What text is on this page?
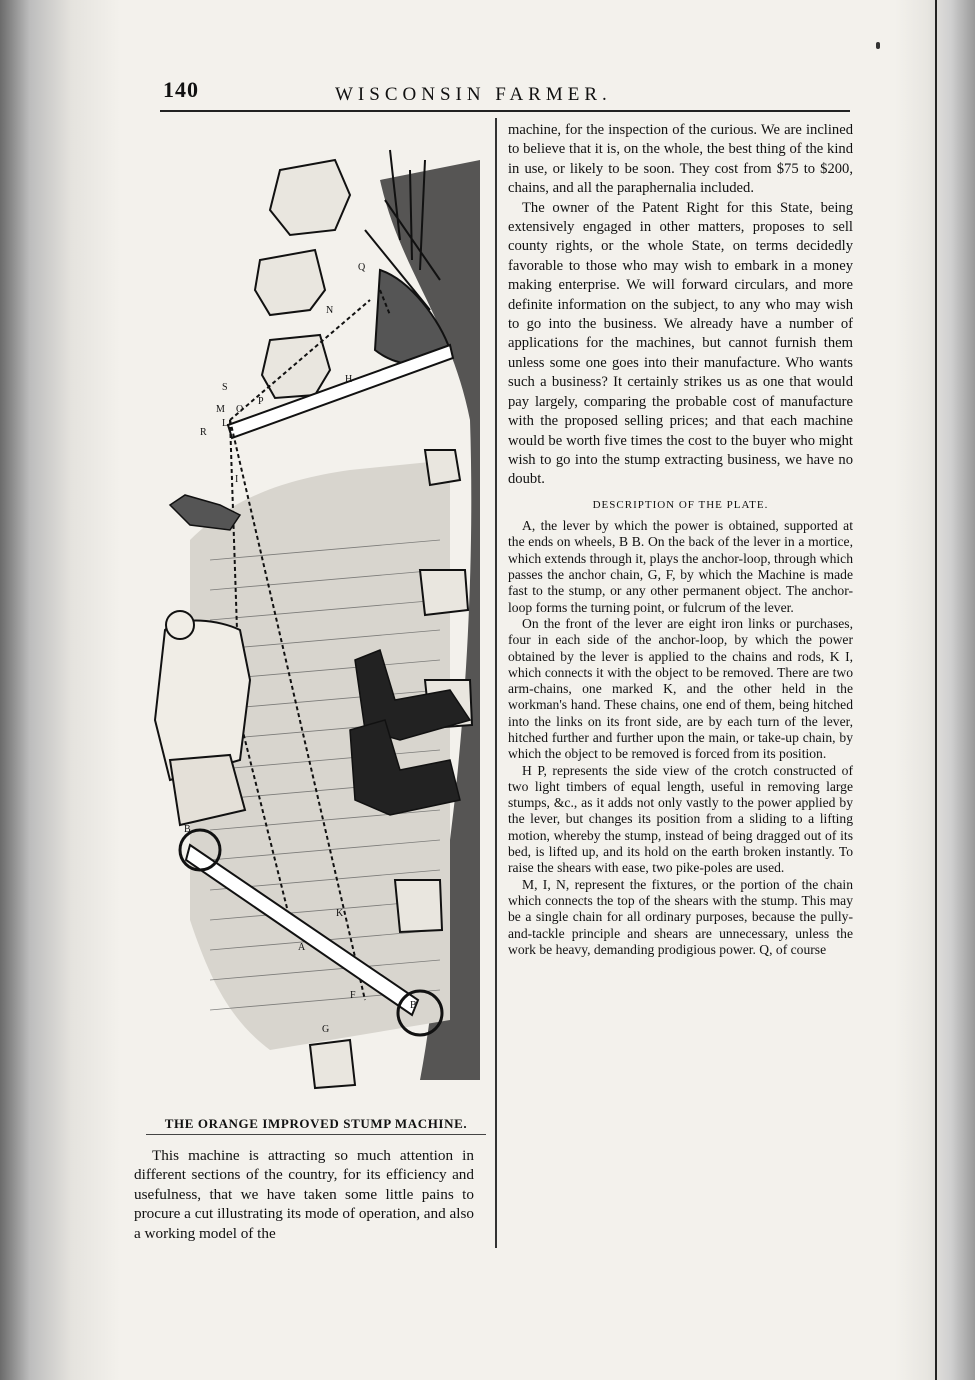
140	WISCONSIN FARMER.
Q
N
H
S
M O
P
L
R
I
B
K
A
B
F
G
THE ORANGE IMPROVED STUMP MACHINE.

This machine is attracting so much attention in different sections of the country, for its efficiency and usefulness, that we have taken some little pains to procure a cut illustrating its mode of operation, and also a working model of the

machine, for the inspection of the curious. We are inclined to believe that it is, on the whole, the best thing of the kind in use, or likely to be soon. They cost from $75 to $200, chains, and all the paraphernalia included.

The owner of the Patent Right for this State, being extensively engaged in other matters, proposes to sell county rights, or the whole State, on terms decidedly favorable to those who may wish to embark in a money making enterprise. We will forward circulars, and more definite information on the subject, to any who may wish to go into the business. We already have a number of applications for the machines, but cannot furnish them unless some one goes into their manufacture. Who wants such a business? It certainly strikes us as one that would pay largely, comparing the probable cost of manufacture with the proposed selling prices; and that each machine would be worth five times the cost to the buyer who might wish to go into the stump extracting business, we have no doubt.

DESCRIPTION OF THE PLATE.

A, the lever by which the power is obtained, supported at the ends on wheels, B B. On the back of the lever in a mortice, which extends through it, plays the anchor-loop, through which passes the anchor chain, G, F, by which the Machine is made fast to the stump, or any other permanent object. The anchor-loop forms the turning point, or fulcrum of the lever.

On the front of the lever are eight iron links or purchases, four in each side of the anchor-loop, by which the power obtained by the lever is applied to the chains and rods, K I, which connects it with the object to be removed. There are two arm-chains, one marked K, and the other held in the workman's hand. These chains, one end of them, being hitched into the links on its front side, are by each turn of the lever, hitched further and further upon the main, or take-up chain, by which the object to be removed is forced from its position.

H P, represents the side view of the crotch constructed of two light timbers of equal length, useful in removing large stumps, &c., as it adds not only vastly to the power applied by the lever, but changes its position from a sliding to a lifting motion, whereby the stump, instead of being dragged out of its bed, is lifted up, and its hold on the earth broken instantly. To raise the shears with ease, two pike-poles are used.

M, I, N, represent the fixtures, or the portion of the chain which connects the top of the shears with the stump. This may be a single chain for all ordinary purposes, because the pully-and-tackle principle and shears are unnecessary, unless the work be heavy, demanding prodigious power. Q, of course
